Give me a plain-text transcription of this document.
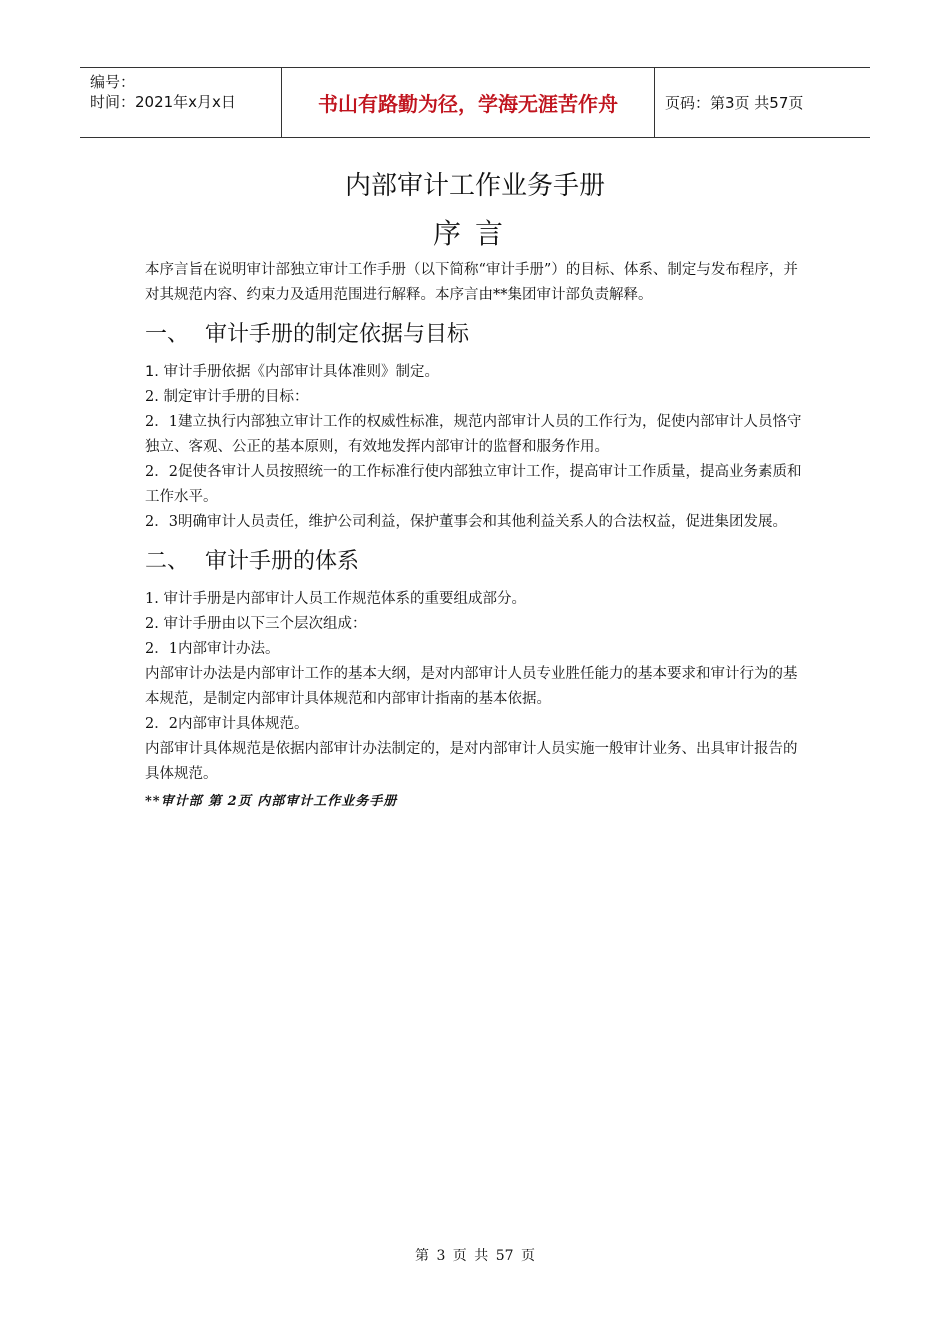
编号：
时间：2021年x月x日	书山有路勤为径，学海无涯苦作舟	页码：第3页 共57页
内部审计工作业务手册
序言

本序言旨在说明审计部独立审计工作手册（以下简称“审计手册”）的目标、体系、制定与发布程序，并对其规范内容、约束力及适用范围进行解释。本序言由**集团审计部负责解释。

一、 审计手册的制定依据与目标

1. 审计手册依据《内部审计具体准则》制定。

2. 制定审计手册的目标：

2．1建立执行内部独立审计工作的权威性标准，规范内部审计人员的工作行为，促使内部审计人员恪守独立、客观、公正的基本原则，有效地发挥内部审计的监督和服务作用。

2．2促使各审计人员按照统一的工作标准行使内部独立审计工作，提高审计工作质量，提高业务素质和工作水平。

2．3明确审计人员责任，维护公司利益，保护董事会和其他利益关系人的合法权益，促进集团发展。

二、 审计手册的体系

1. 审计手册是内部审计人员工作规范体系的重要组成部分。

2. 审计手册由以下三个层次组成：

2．1内部审计办法。

内部审计办法是内部审计工作的基本大纲，是对内部审计人员专业胜任能力的基本要求和审计行为的基本规范，是制定内部审计具体规范和内部审计指南的基本依据。

2．2内部审计具体规范。

内部审计具体规范是依据内部审计办法制定的，是对内部审计人员实施一般审计业务、出具审计报告的具体规范。

**审计部 第 2页 内部审计工作业务手册

第 3 页 共 57 页
